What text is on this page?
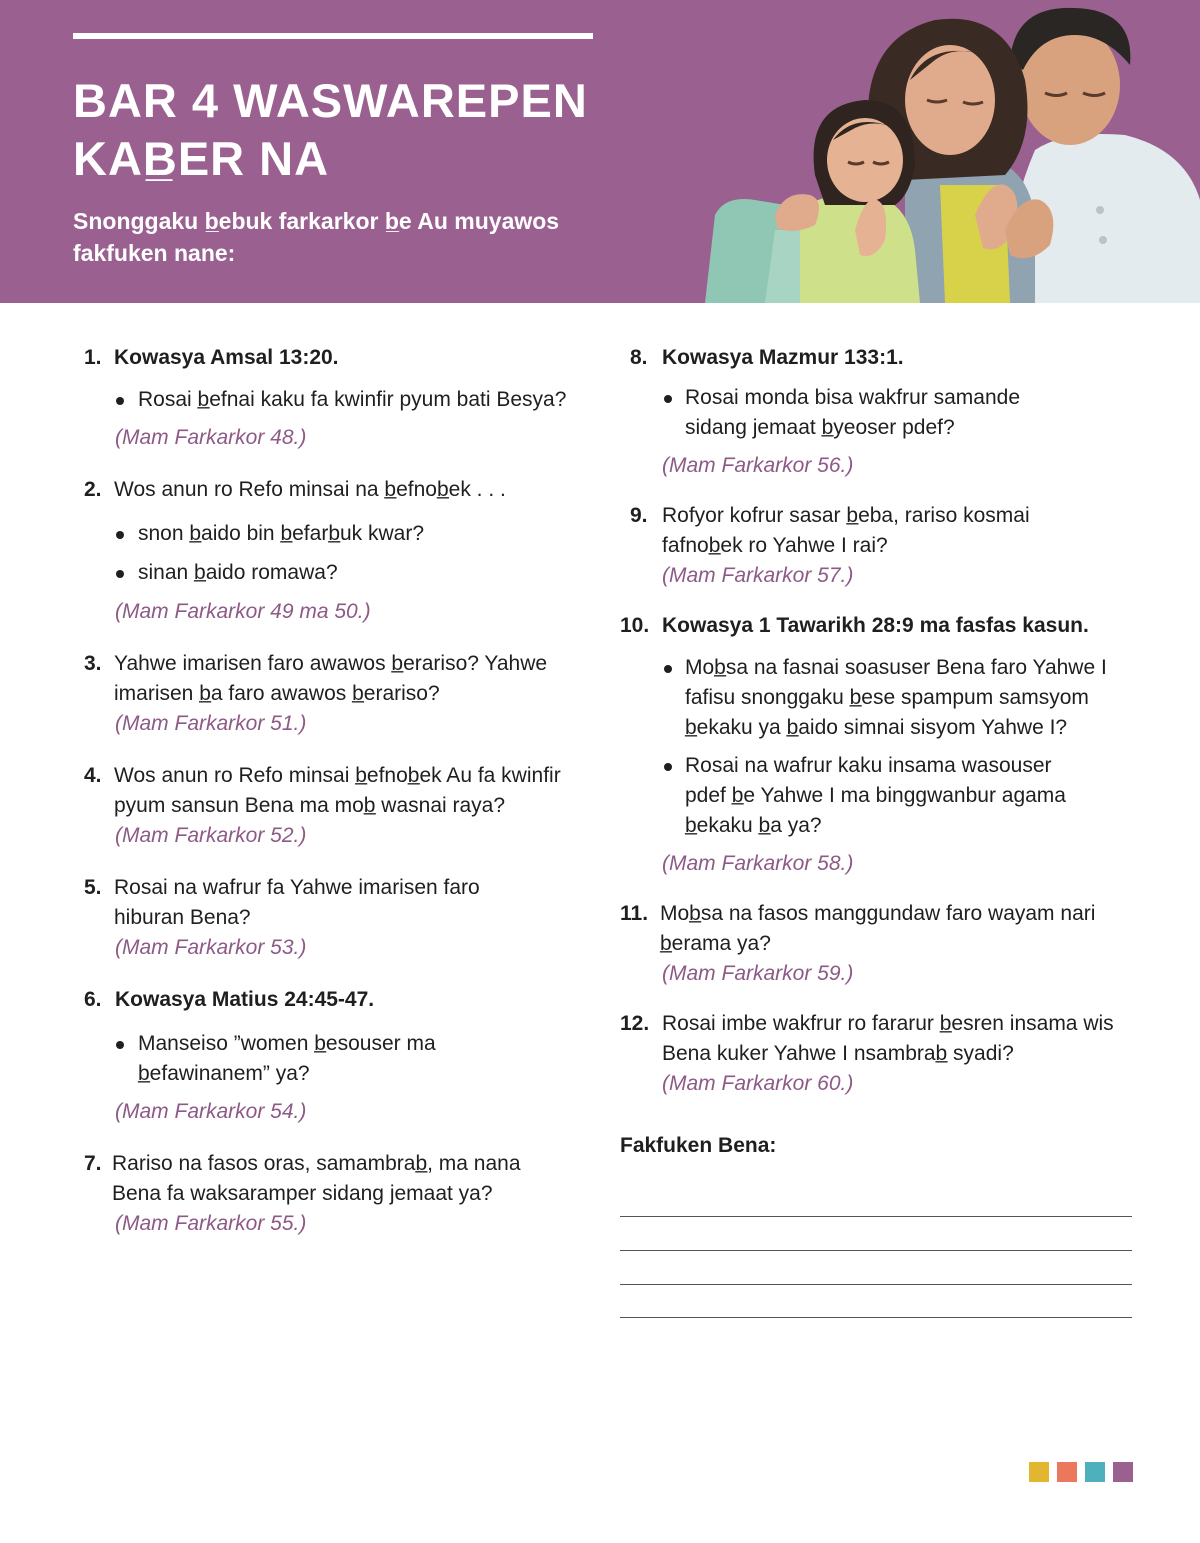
BAR 4 WASWAREPEN
KAB̲ER NA
Snonggaku b̲ebuk farkarkor b̲e Au muyawos fakfuken nane:
1. Kowasya Amsal 13:20.
Rosai b̲efnai kaku fa kwinfir pyum bati Besya?
(Mam Farkarkor 48.)
2. Wos anun ro Refo minsai na b̲efnob̲ek . . .
snon b̲aido bin b̲efarb̲uk kwar?
sinan b̲aido romawa?
(Mam Farkarkor 49 ma 50.)
3. Yahwe imarisen faro awawos b̲erariso? Yahwe imarisen b̲a faro awawos b̲erariso?
(Mam Farkarkor 51.)
4. Wos anun ro Refo minsai b̲efnob̲ek Au fa kwinfir pyum sansun Bena ma mob̲ wasnai raya?
(Mam Farkarkor 52.)
5. Rosai na wafrur fa Yahwe imarisen faro hiburan Bena?
(Mam Farkarkor 53.)
6. Kowasya Matius 24:45-47.
Manseiso ”women b̲esouser ma b̲efawinanem” ya?
(Mam Farkarkor 54.)
7. Rariso na fasos oras, samambrab̲, ma nana Bena fa waksaramper sidang jemaat ya?
(Mam Farkarkor 55.)
8. Kowasya Mazmur 133:1.
Rosai monda bisa wakfrur samande sidang jemaat b̲yeoser pdef?
(Mam Farkarkor 56.)
9. Rofyor kofrur sasar b̲eba, rariso kosmai fafnob̲ek ro Yahwe I rai?
(Mam Farkarkor 57.)
10. Kowasya 1 Tawarikh 28:9 ma fasfas kasun.
Mob̲sa na fasnai soasuser Bena faro Yahwe I fafisu snonggaku b̲ese spampum samsyom b̲ekaku ya b̲aido simnai sisyom Yahwe I?
Rosai na wafrur kaku insama wasouser pdef b̲e Yahwe I ma binggwanbur agama b̲ekaku b̲a ya?
(Mam Farkarkor 58.)
11. Mob̲sa na fasos manggundaw faro wayam nari b̲erama ya?
(Mam Farkarkor 59.)
12. Rosai imbe wakfrur ro fararur b̲esren insama wis Bena kuker Yahwe I nsambrab̲ syadi?
(Mam Farkarkor 60.)
Fakfuken Bena:
